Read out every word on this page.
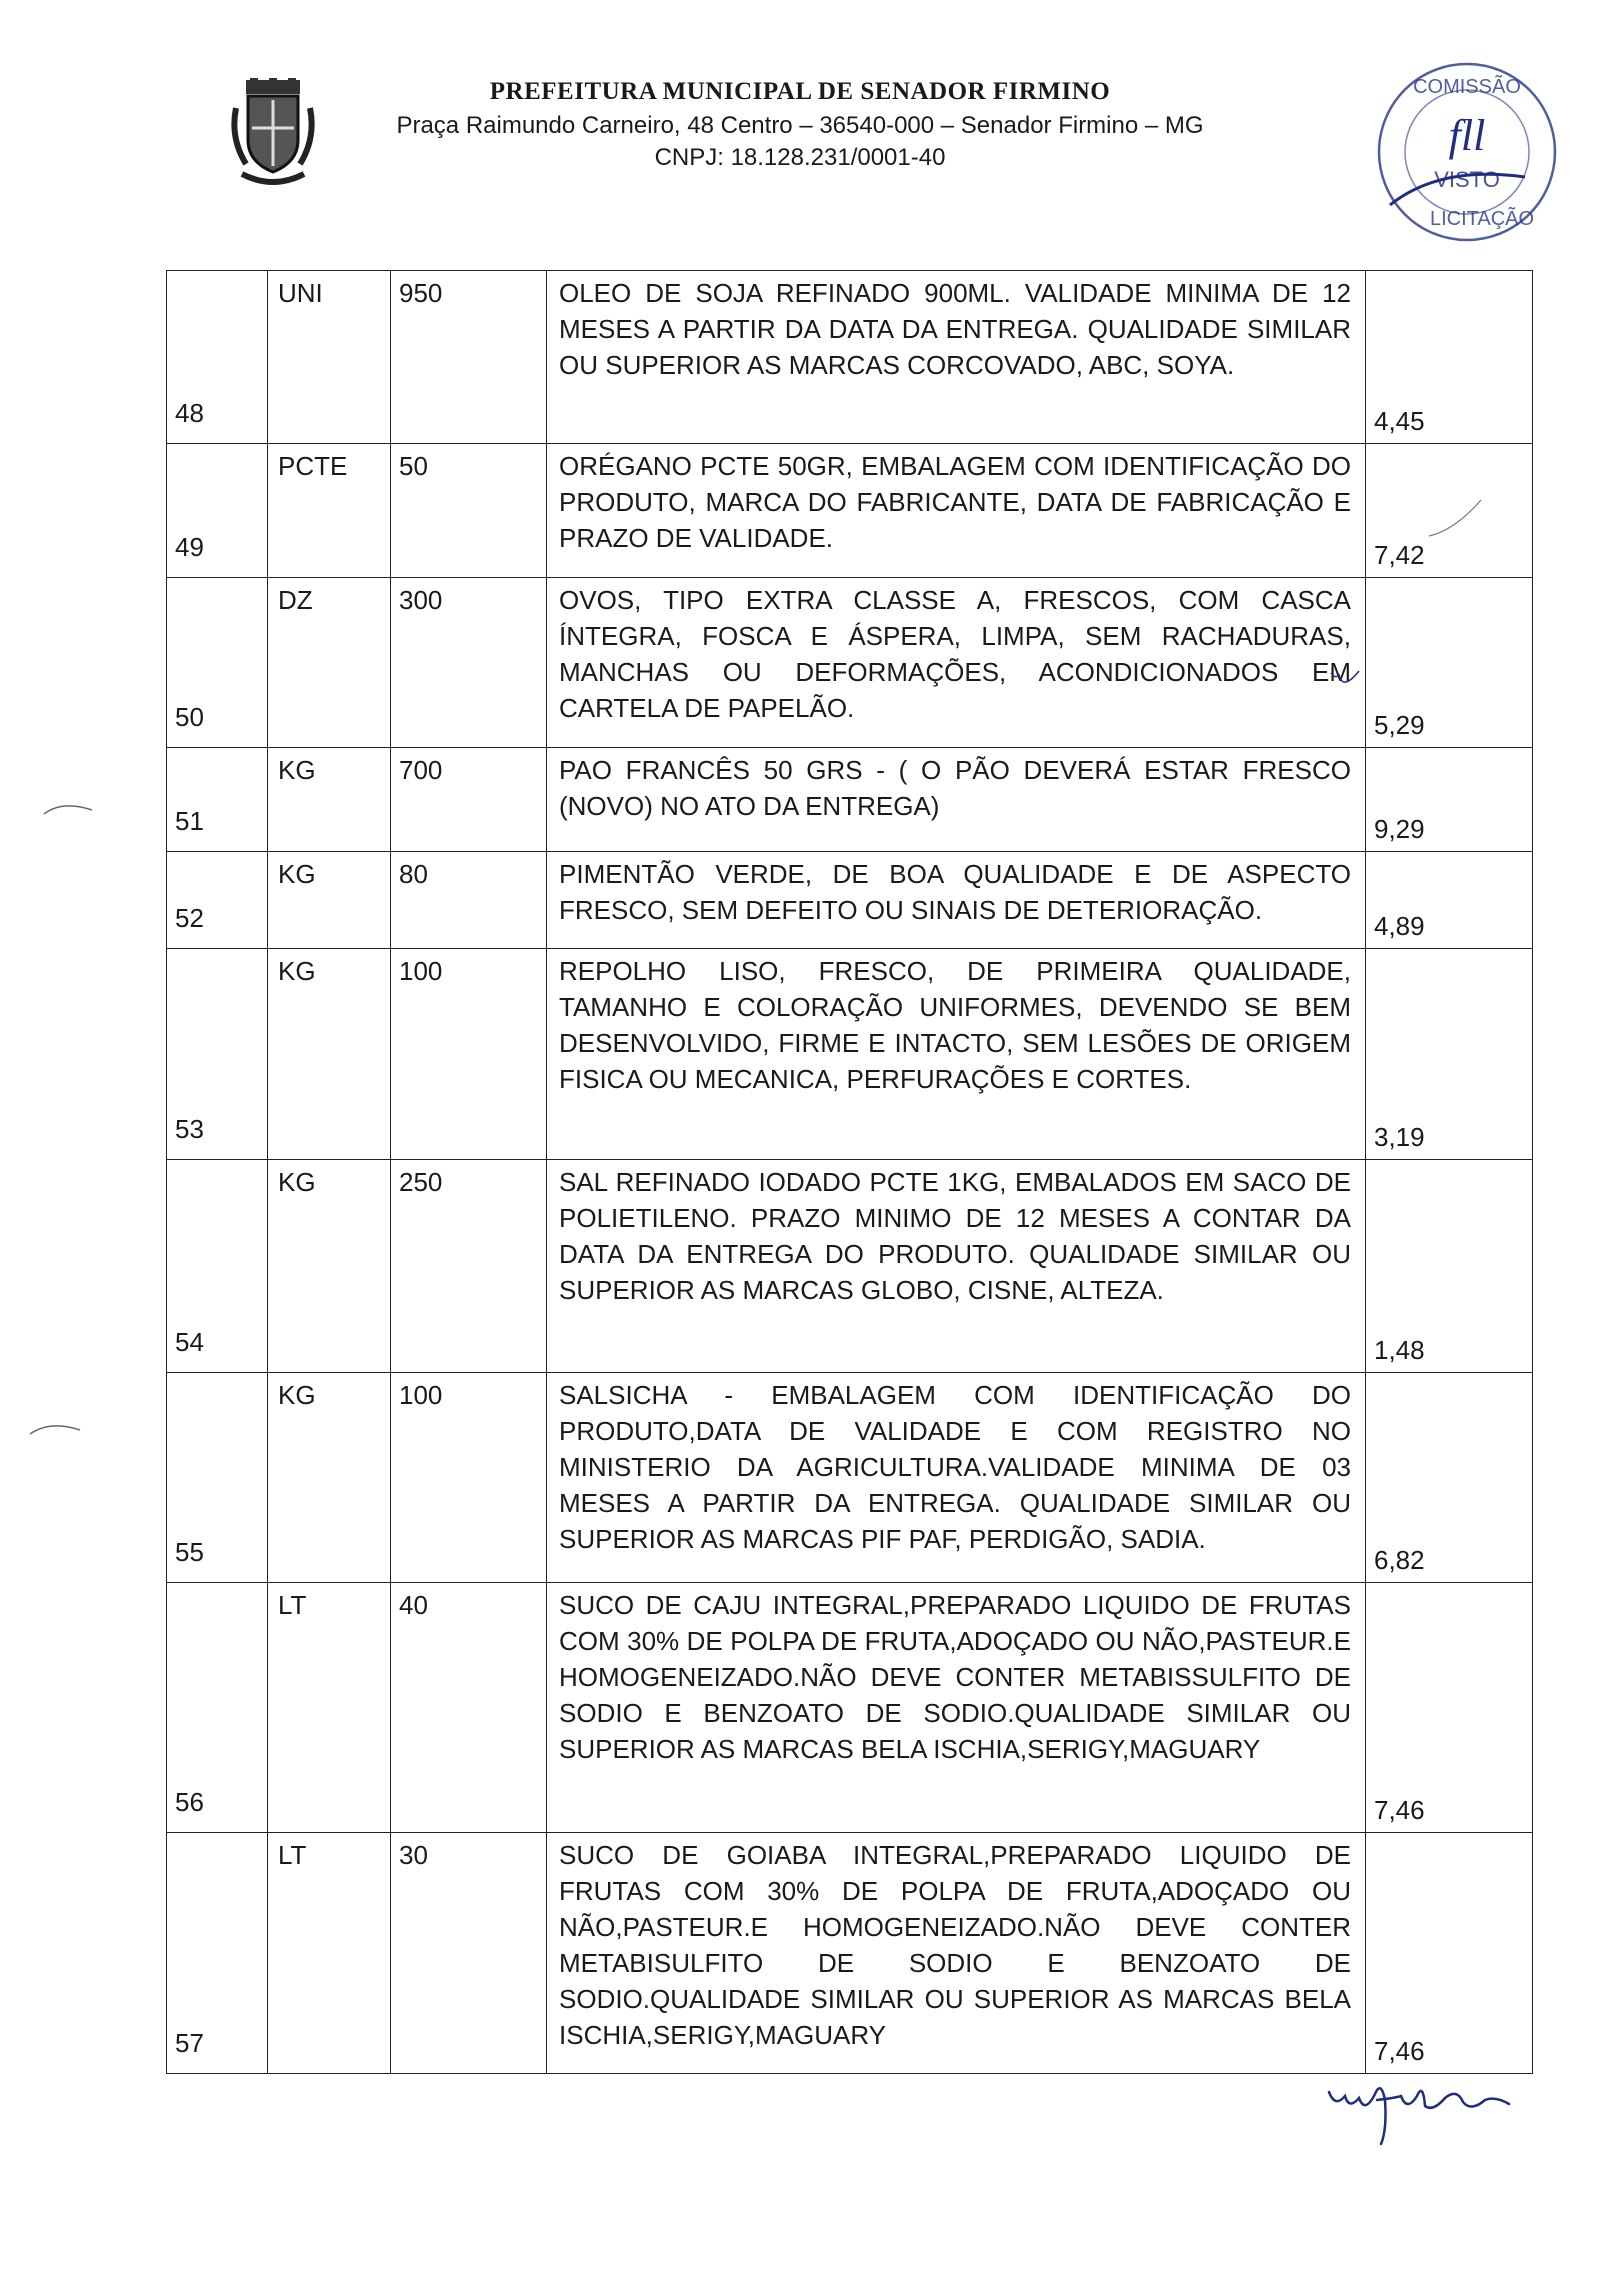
PREFEITURA MUNICIPAL DE SENADOR FIRMINO
Praça Raimundo Carneiro, 48 Centro – 36540-000 – Senador Firmino – MG
CNPJ: 18.128.231/0001-40
COMISSÃO
fll
VISTO
LICITAÇÃO
48	UNI	950	OLEO DE SOJA REFINADO 900ML. VALIDADE MINIMA DE 12 MESES A PARTIR DA DATA DA ENTREGA. QUALIDADE SIMILAR OU SUPERIOR AS MARCAS CORCOVADO, ABC, SOYA.	4,45
49	PCTE	50	ORÉGANO PCTE 50GR, EMBALAGEM COM IDENTIFICAÇÃO DO PRODUTO, MARCA DO FABRICANTE, DATA DE FABRICAÇÃO E PRAZO DE VALIDADE.	7,42
50	DZ	300	OVOS, TIPO EXTRA CLASSE A, FRESCOS, COM CASCA ÍNTEGRA, FOSCA E ÁSPERA, LIMPA, SEM RACHADURAS, MANCHAS OU DEFORMAÇÕES, ACONDICIONADOS EM CARTELA DE PAPELÃO.	5,29
51	KG	700	PAO FRANCÊS 50 GRS - ( O PÃO DEVERÁ ESTAR FRESCO (NOVO) NO ATO DA ENTREGA)	9,29
52	KG	80	PIMENTÃO VERDE, DE BOA QUALIDADE E DE ASPECTO FRESCO, SEM DEFEITO OU SINAIS DE DETERIORAÇÃO.	4,89
53	KG	100	REPOLHO LISO, FRESCO, DE PRIMEIRA QUALIDADE, TAMANHO E COLORAÇÃO UNIFORMES, DEVENDO SE BEM DESENVOLVIDO, FIRME E INTACTO, SEM LESÕES DE ORIGEM FISICA OU MECANICA, PERFURAÇÕES E CORTES.	3,19
54	KG	250	SAL REFINADO IODADO PCTE 1KG, EMBALADOS EM SACO DE POLIETILENO. PRAZO MINIMO DE 12 MESES A CONTAR DA DATA DA ENTREGA DO PRODUTO. QUALIDADE SIMILAR OU SUPERIOR AS MARCAS GLOBO, CISNE, ALTEZA.	1,48
55	KG	100	SALSICHA - EMBALAGEM COM IDENTIFICAÇÃO DO PRODUTO,DATA DE VALIDADE E COM REGISTRO NO MINISTERIO DA AGRICULTURA.VALIDADE MINIMA DE 03 MESES A PARTIR DA ENTREGA. QUALIDADE SIMILAR OU SUPERIOR AS MARCAS PIF PAF, PERDIGÃO, SADIA.	6,82
56	LT	40	SUCO DE CAJU INTEGRAL,PREPARADO LIQUIDO DE FRUTAS COM 30% DE POLPA DE FRUTA,ADOÇADO OU NÃO,PASTEUR.E HOMOGENEIZADO.NÃO DEVE CONTER METABISSULFITO DE SODIO E BENZOATO DE SODIO.QUALIDADE SIMILAR OU SUPERIOR AS MARCAS BELA ISCHIA,SERIGY,MAGUARY	7,46
57	LT	30	SUCO DE GOIABA INTEGRAL,PREPARADO LIQUIDO DE FRUTAS COM 30% DE POLPA DE FRUTA,ADOÇADO OU NÃO,PASTEUR.E HOMOGENEIZADO.NÃO DEVE CONTER METABISULFITO DE SODIO E BENZOATO DE SODIO.QUALIDADE SIMILAR OU SUPERIOR AS MARCAS BELA ISCHIA,SERIGY,MAGUARY	7,46
